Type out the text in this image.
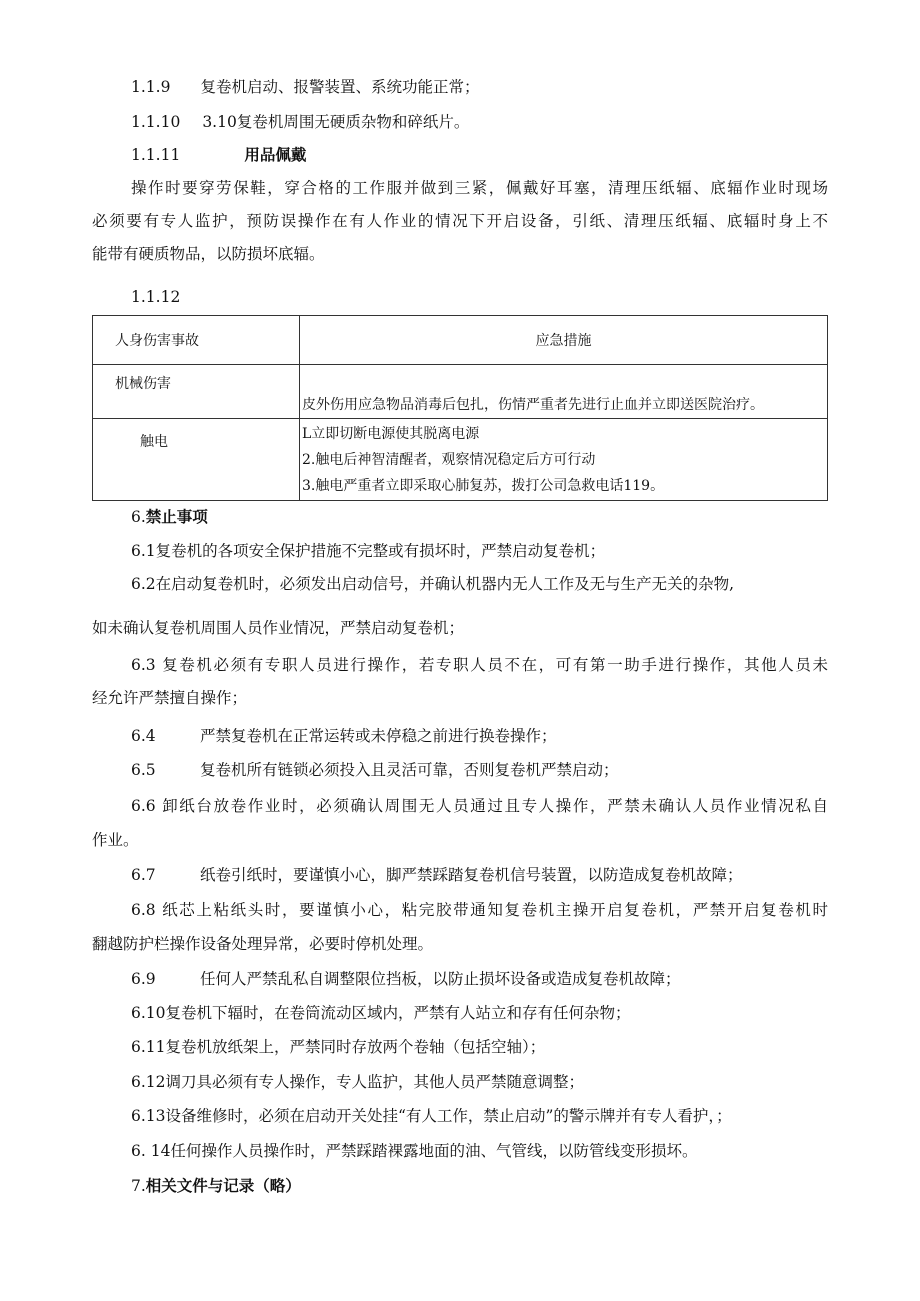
1.1.9 复卷机启动、报警装置、系统功能正常；
1.1.10 3.10复卷机周围无硬质杂物和碎纸片。
1.1.11	用品佩戴
操作时要穿劳保鞋，穿合格的工作服并做到三紧，佩戴好耳塞，清理压纸辐、底辐作业时现场
必须要有专人监护，预防误操作在有人作业的情况下开启设备，引纸、清理压纸辐、底辐时身上不
能带有硬质物品，以防损坏底辐。
1.1.12
人身伤害事故	应急措施
机械伤害	皮外伤用应急物品消毒后包扎，伤情严重者先进行止血并立即送医院治疗。
触电	L立即切断电源使其脱离电源
2.触电后神智清醒者，观察情况稳定后方可行动
3.触电严重者立即采取心肺复苏，拨打公司急救电话119。
6.禁止事项
6.1复卷机的各项安全保护措施不完整或有损坏时，严禁启动复卷机；
6.2在启动复卷机时，必须发出启动信号，并确认机器内无人工作及无与生产无关的杂物,
如未确认复卷机周围人员作业情况，严禁启动复卷机；
6.3 复卷机必须有专职人员进行操作，若专职人员不在，可有第一助手进行操作，其他人员未
经允许严禁擅自操作；
6.4	严禁复卷机在正常运转或未停稳之前进行换卷操作；
6.5	复卷机所有链锁必须投入且灵活可靠，否则复卷机严禁启动；
6.6 卸纸台放卷作业时，必须确认周围无人员通过且专人操作，严禁未确认人员作业情况私自
作业。
6.7	纸卷引纸时，要谨慎小心，脚严禁踩踏复卷机信号装置，以防造成复卷机故障；
6.8 纸芯上粘纸头时，要谨慎小心，粘完胶带通知复卷机主操开启复卷机，严禁开启复卷机时
翻越防护栏操作设备处理异常，必要时停机处理。
6.9	任何人严禁乱私自调整限位挡板，以防止损坏设备或造成复卷机故障；
6.10复卷机下辐时，在卷筒流动区域内，严禁有人站立和存有任何杂物；
6.11复卷机放纸架上，严禁同时存放两个卷轴（包括空轴）；
6.12调刀具必须有专人操作，专人监护，其他人员严禁随意调整；
6.13设备维修时，必须在启动开关处挂“有人工作，禁止启动”的警示牌并有专人看护，；
6. 14任何操作人员操作时，严禁踩踏裸露地面的油、气管线，以防管线变形损坏。
7.相关文件与记录（略）
